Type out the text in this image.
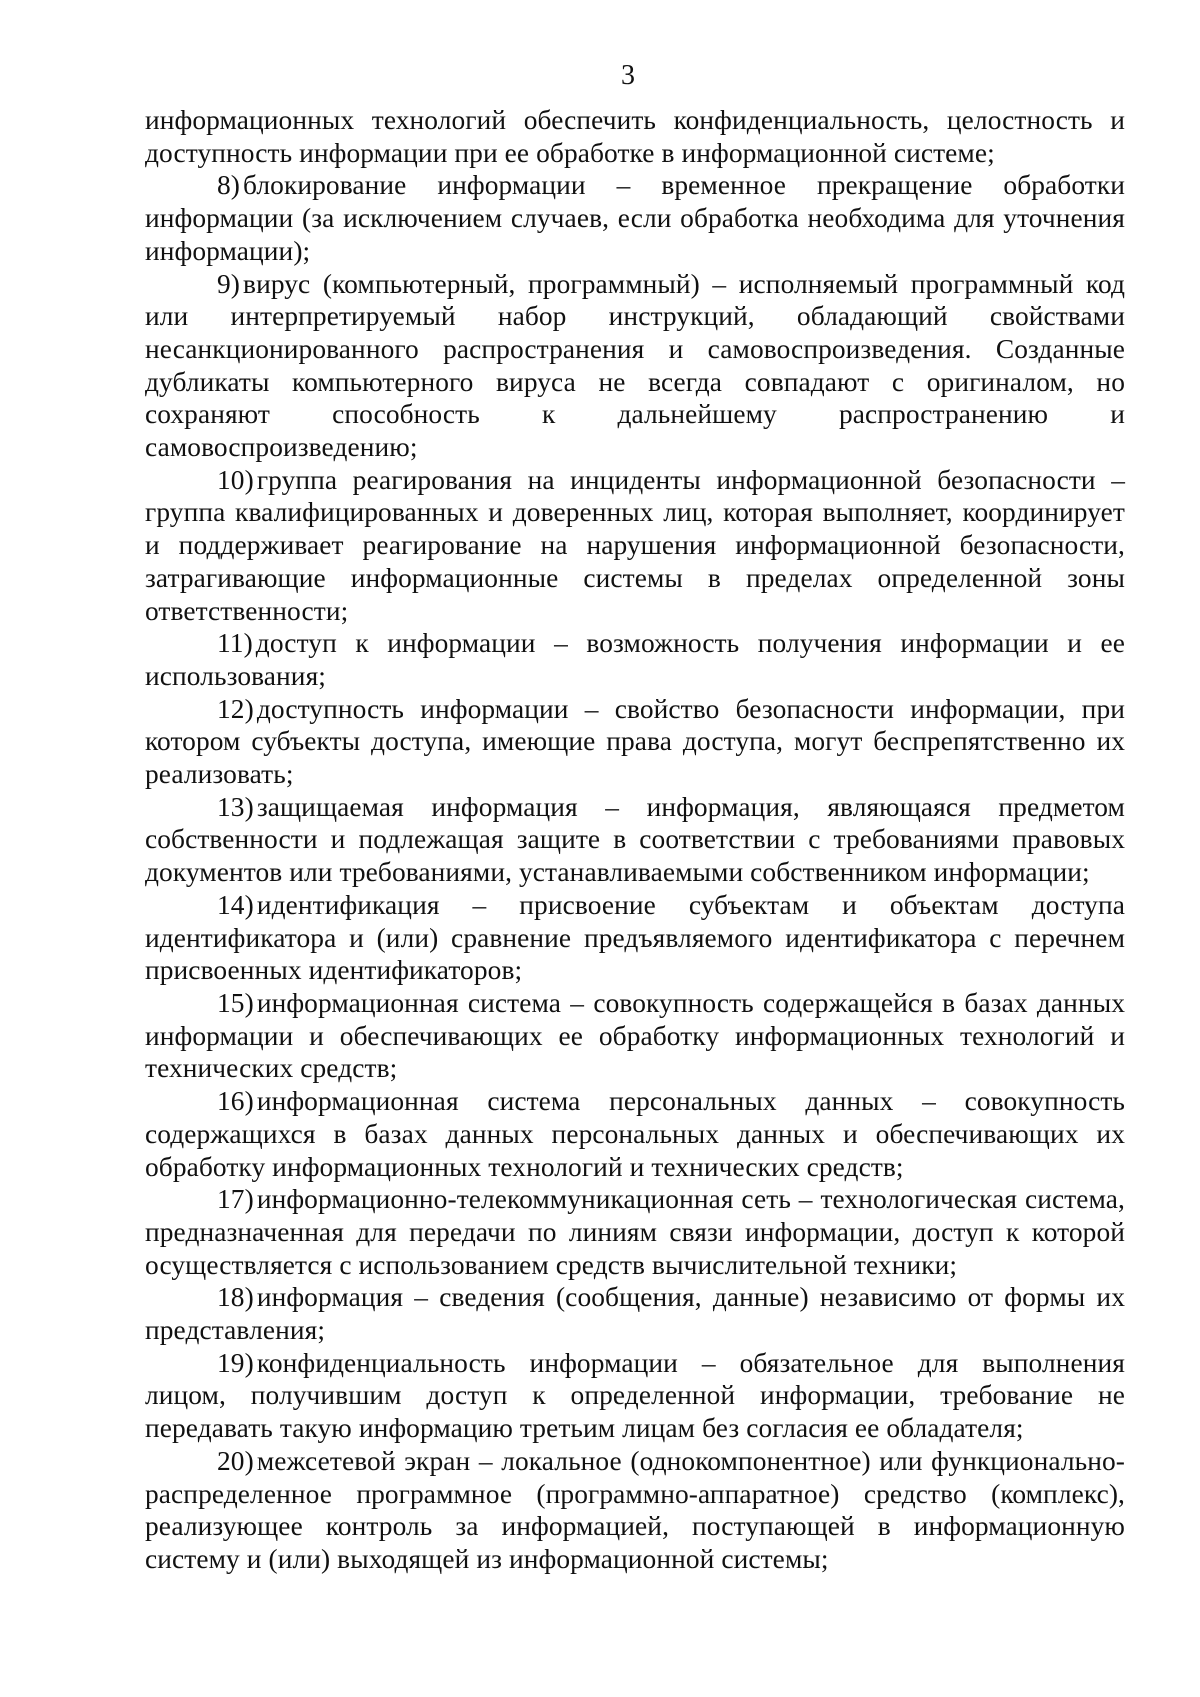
3

информационных технологий обеспечить конфиденциальность, целостность и доступность информации при ее обработке в информационной системе;

8) блокирование информации – временное прекращение обработки информации (за исключением случаев, если обработка необходима для уточнения информации);

9) вирус (компьютерный, программный) – исполняемый программный код или интерпретируемый набор инструкций, обладающий свойствами несанкционированного распространения и самовоспроизведения. Созданные дубликаты компьютерного вируса не всегда совпадают с оригиналом, но сохраняют способность к дальнейшему распространению и самовоспроизведению;

10) группа реагирования на инциденты информационной безопасности – группа квалифицированных и доверенных лиц, которая выполняет, координирует и поддерживает реагирование на нарушения информационной безопасности, затрагивающие информационные системы в пределах определенной зоны ответственности;

11) доступ к информации – возможность получения информации и ее использования;

12) доступность информации – свойство безопасности информации, при котором субъекты доступа, имеющие права доступа, могут беспрепятственно их реализовать;

13) защищаемая информация – информация, являющаяся предметом собственности и подлежащая защите в соответствии с требованиями правовых документов или требованиями, устанавливаемыми собственником информации;

14) идентификация – присвоение субъектам и объектам доступа идентификатора и (или) сравнение предъявляемого идентификатора с перечнем присвоенных идентификаторов;

15) информационная система – совокупность содержащейся в базах данных информации и обеспечивающих ее обработку информационных технологий и технических средств;

16) информационная система персональных данных – совокупность содержащихся в базах данных персональных данных и обеспечивающих их обработку информационных технологий и технических средств;

17) информационно-телекоммуникационная сеть – технологическая система, предназначенная для передачи по линиям связи информации, доступ к которой осуществляется с использованием средств вычислительной техники;

18) информация – сведения (сообщения, данные) независимо от формы их представления;

19) конфиденциальность информации – обязательное для выполнения лицом, получившим доступ к определенной информации, требование не передавать такую информацию третьим лицам без согласия ее обладателя;

20) межсетевой экран – локальное (однокомпонентное) или функционально-распределенное программное (программно-аппаратное) средство (комплекс), реализующее контроль за информацией, поступающей в информационную систему и (или) выходящей из информационной системы;
